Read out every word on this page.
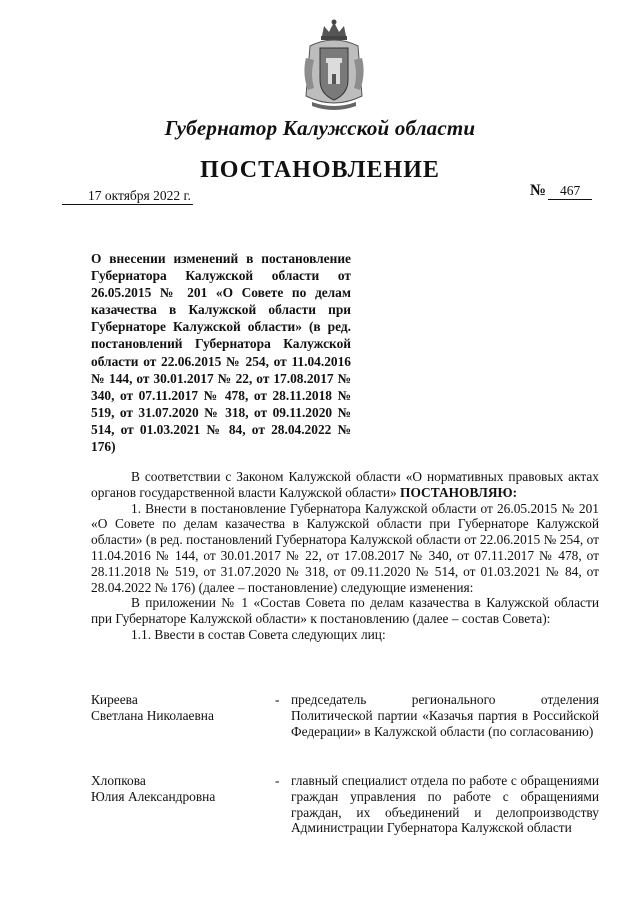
Губернатор Калужской области
ПОСТАНОВЛЕНИЕ
17 октября 2022 г.	№ 467
О внесении изменений в постановление Губернатора Калужской области от 26.05.2015 № 201 «О Совете по делам казачества в Калужской области при Губернаторе Калужской области» (в ред. постановлений Губернатора Калужской области от 22.06.2015 № 254, от 11.04.2016 № 144, от 30.01.2017 № 22, от 17.08.2017 № 340, от 07.11.2017 № 478, от 28.11.2018 № 519, от 31.07.2020 № 318, от 09.11.2020 № 514, от 01.03.2021 № 84, от 28.04.2022 № 176)

В соответствии с Законом Калужской области «О нормативных правовых актах органов государственной власти Калужской области» ПОСТАНОВЛЯЮ:

1. Внести в постановление Губернатора Калужской области от 26.05.2015 № 201 «О Совете по делам казачества в Калужской области при Губернаторе Калужской области» (в ред. постановлений Губернатора Калужской области от 22.06.2015 № 254, от 11.04.2016 № 144, от 30.01.2017 № 22, от 17.08.2017 № 340, от 07.11.2017 № 478, от 28.11.2018 № 519, от 31.07.2020 № 318, от 09.11.2020 № 514, от 01.03.2021 № 84, от 28.04.2022 № 176) (далее – постановление) следующие изменения:

В приложении № 1 «Состав Совета по делам казачества в Калужской области при Губернаторе Калужской области» к постановлению (далее – состав Совета):

1.1. Ввести в состав Совета следующих лиц:

Киреева
Светлана Николаевна
- председатель регионального отделения Политической партии «Казачья партия в Российской Федерации» в Калужской области (по согласованию)
Хлопкова
Юлия Александровна
- главный специалист отдела по работе с обращениями граждан управления по работе с обращениями граждан, их объединений и делопроизводству Администрации Губернатора Калужской области
